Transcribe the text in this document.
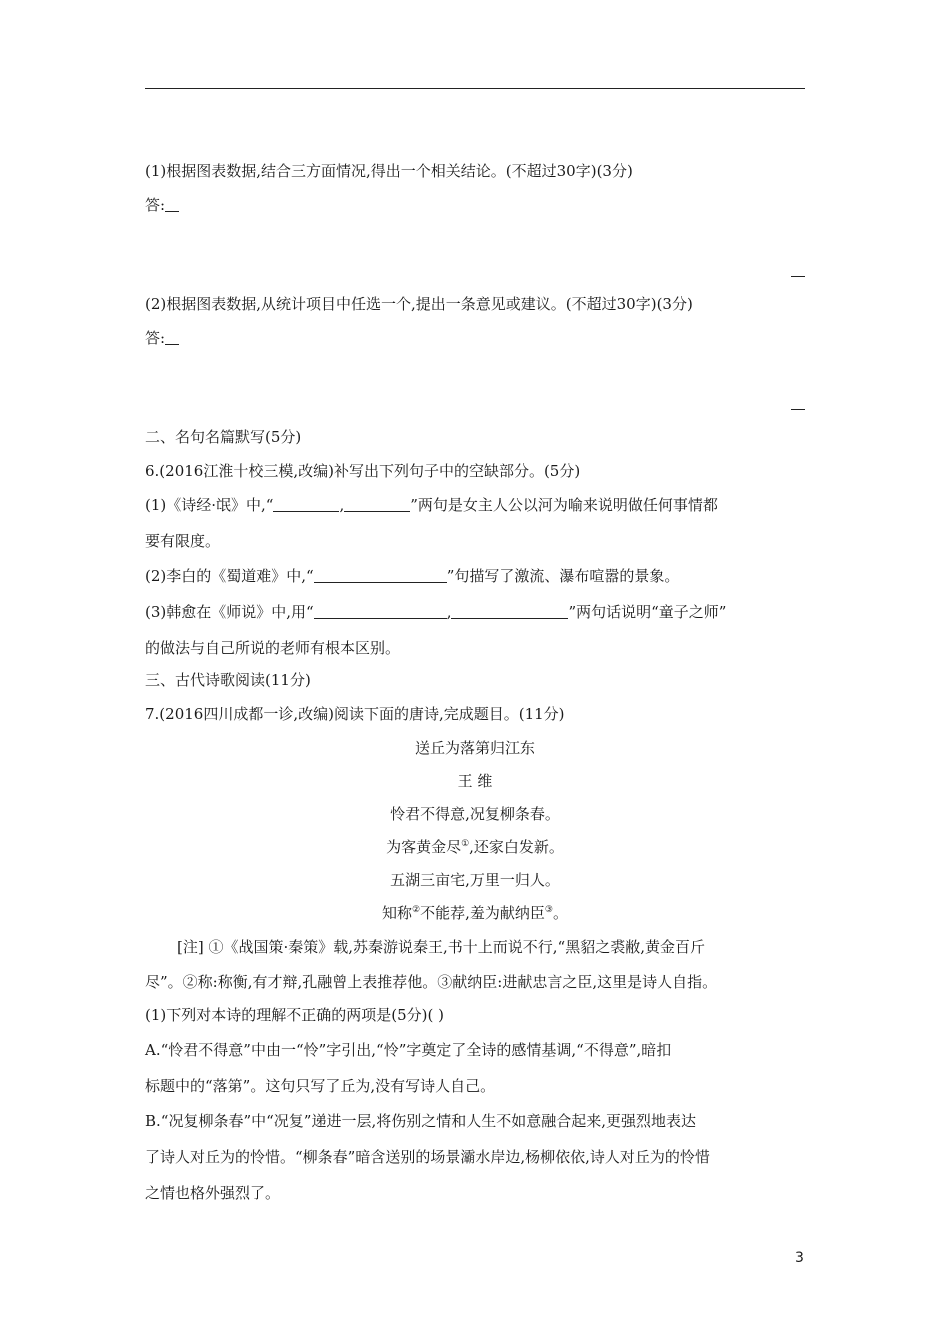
(1)根据图表数据,结合三方面情况,得出一个相关结论。(不超过30字)(3分)
答:
(2)根据图表数据,从统计项目中任选一个,提出一条意见或建议。(不超过30字)(3分)
答:
二、名句名篇默写(5分)
6.(2016江淮十校三模,改编)补写出下列句子中的空缺部分。(5分)
(1)《诗经·氓》中,“	,	”两句是女主人公以河为喻来说明做任何事情都
要有限度。
(2)李白的《蜀道难》中,“	”句描写了激流、瀑布喧嚣的景象。
(3)韩愈在《师说》中,用“	,	”两句话说明“童子之师”
的做法与自己所说的老师有根本区别。
三、古代诗歌阅读(11分)
7.(2016四川成都一诊,改编)阅读下面的唐诗,完成题目。(11分)
送丘为落第归江东
王 维
怜君不得意,况复柳条春。
为客黄金尽①,还家白发新。
五湖三亩宅,万里一归人。
知称②不能荐,羞为献纳臣③。
[注] ①《战国策·秦策》载,苏秦游说秦王,书十上而说不行,“黑貂之裘敝,黄金百斤
尽”。②称:称衡,有才辩,孔融曾上表推荐他。③献纳臣:进献忠言之臣,这里是诗人自指。
(1)下列对本诗的理解不正确的两项是(5分)( )
A.“怜君不得意”中由一“怜”字引出,“怜”字奠定了全诗的感情基调,“不得意”,暗扣
标题中的“落第”。这句只写了丘为,没有写诗人自己。
B.“况复柳条春”中“况复”递进一层,将伤别之情和人生不如意融合起来,更强烈地表达
了诗人对丘为的怜惜。“柳条春”暗含送别的场景灞水岸边,杨柳依依,诗人对丘为的怜惜
之情也格外强烈了。
3
